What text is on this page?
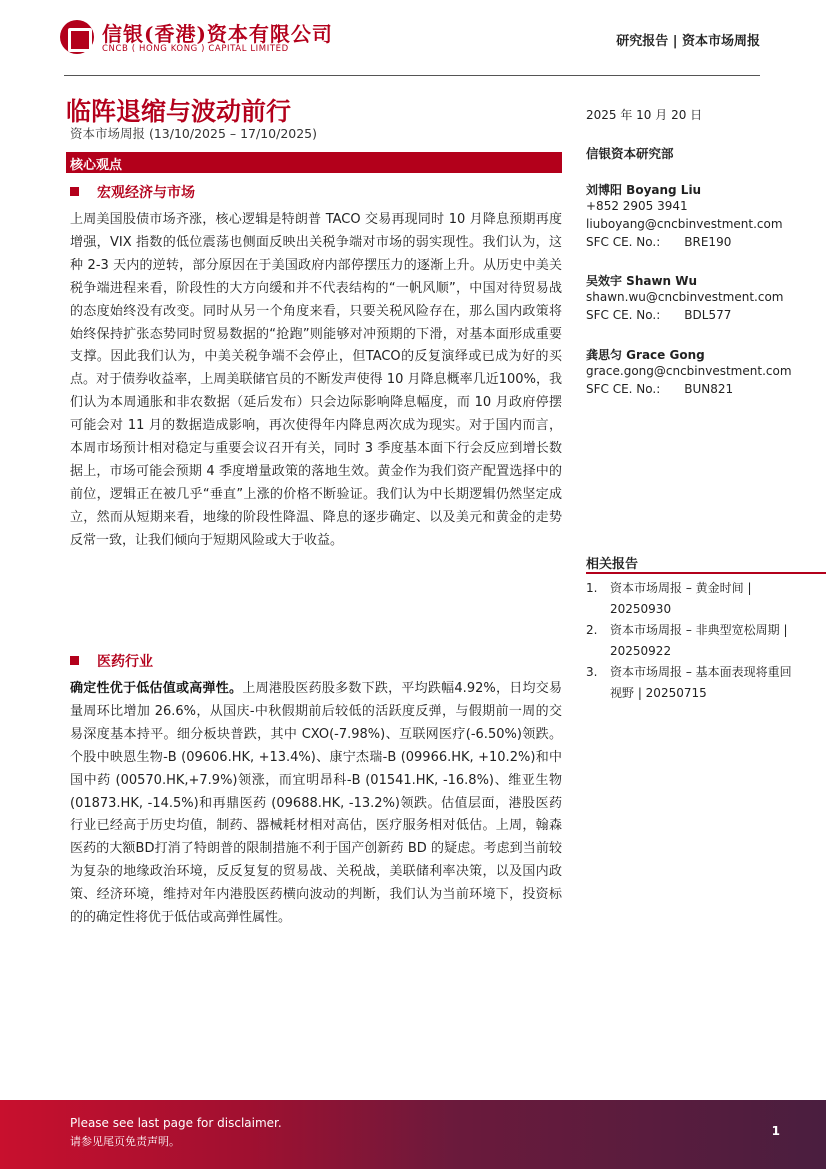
信银(香港)资本有限公司
CNCB ( HONG KONG ) CAPITAL LIMITED	研究报告 | 资本市场周报
临阵退缩与波动前行
资本市场周报 (13/10/2025 – 17/10/2025)
核心观点
宏观经济与市场

上周美国股债市场齐涨，核心逻辑是特朗普 TACO 交易再现同时 10 月降息预期再度增强，VIX 指数的低位震荡也侧面反映出关税争端对市场的弱实现性。我们认为，这种 2-3 天内的逆转，部分原因在于美国政府内部停摆压力的逐渐上升。从历史中美关税争端进程来看，阶段性的大方向缓和并不代表结构的“一帆风顺”，中国对待贸易战的态度始终没有改变。同时从另一个角度来看，只要关税风险存在，那么国内政策将始终保持扩张态势同时贸易数据的“抢跑”则能够对冲预期的下滑，对基本面形成重要支撑。因此我们认为，中美关税争端不会停止，但TACO的反复演绎或已成为好的买点。对于债券收益率，上周美联储官员的不断发声使得 10 月降息概率几近100%，我们认为本周通胀和非农数据（延后发布）只会边际影响降息幅度，而 10 月政府停摆可能会对 11 月的数据造成影响，再次使得年内降息两次成为现实。对于国内而言，本周市场预计相对稳定与重要会议召开有关，同时 3 季度基本面下行会反应到增长数据上，市场可能会预期 4 季度增量政策的落地生效。黄金作为我们资产配置选择中的前位，逻辑正在被几乎“垂直”上涨的价格不断验证。我们认为中长期逻辑仍然坚定成立，然而从短期来看，地缘的阶段性降温、降息的逐步确定、以及美元和黄金的走势反常一致，让我们倾向于短期风险或大于收益。

医药行业

确定性优于低估值或高弹性。上周港股医药股多数下跌，平均跌幅4.92%，日均交易量周环比增加 26.6%，从国庆-中秋假期前后较低的活跃度反弹，与假期前一周的交易深度基本持平。细分板块普跌，其中 CXO(-7.98%)、互联网医疗(-6.50%)领跌。个股中映恩生物-B (09606.HK, +13.4%)、康宁杰瑞-B (09966.HK, +10.2%)和中国中药 (00570.HK,+7.9%)领涨，而宜明昂科-B (01541.HK, -16.8%)、维亚生物 (01873.HK, -14.5%)和再鼎医药 (09688.HK, -13.2%)领跌。估值层面，港股医药行业已经高于历史均值，制药、器械耗材相对高估，医疗服务相对低估。上周，翰森医药的大额BD打消了特朗普的限制措施不利于国产创新药 BD 的疑虑。考虑到当前较为复杂的地缘政治环境，反反复复的贸易战、关税战，美联储利率决策，以及国内政策、经济环境，维持对年内港股医药横向波动的判断，我们认为当前环境下，投资标的的确定性将优于低估或高弹性属性。

2025 年 10 月 20 日
信银资本研究部
刘博阳 Boyang Liu
+852 2905 3941
liuboyang@cncbinvestment.com
SFC CE. No.: BRE190
吴效宇 Shawn Wu
shawn.wu@cncbinvestment.com
SFC CE. No.: BDL577
龚思匀 Grace Gong
grace.gong@cncbinvestment.com
SFC CE. No.: BUN821
相关报告
1. 资本市场周报 – 黄金时间 | 20250930
2. 资本市场周报 – 非典型宽松周期 | 20250922
3. 资本市场周报 – 基本面表现将重回视野 | 20250715
Please see last page for disclaimer.
请参见尾页免责声明。
1
